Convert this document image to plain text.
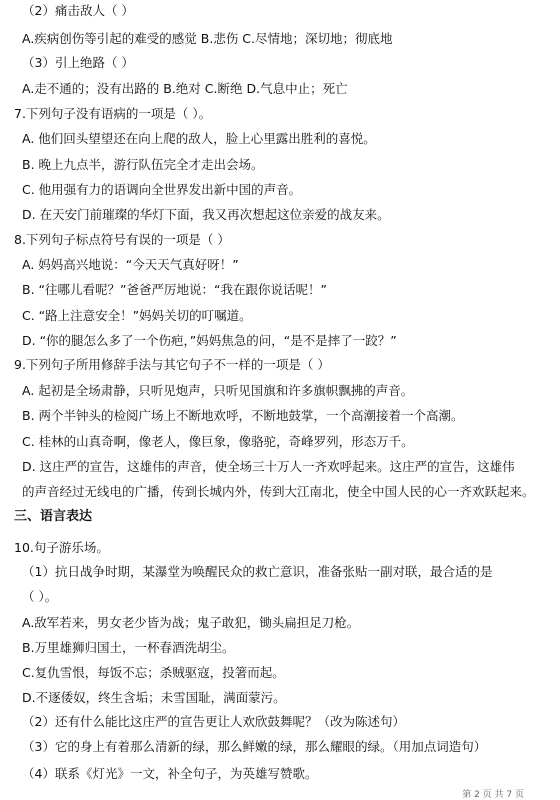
（2）痛击敌人（ ）
A.疾病创伤等引起的难受的感觉 B.悲伤 C.尽情地；深切地；彻底地
（3）引上绝路（ ）
A.走不通的；没有出路的 B.绝对 C.断绝 D.气息中止；死亡
7.下列句子没有语病的一项是（ ）。
A. 他们回头望望还在向上爬的敌人，脸上心里露出胜利的喜悦。
B. 晚上九点半，游行队伍完全才走出会场。
C. 他用强有力的语调向全世界发出新中国的声音。
D. 在天安门前璀璨的华灯下面，我又再次想起这位亲爱的战友来。
8.下列句子标点符号有误的一项是（ ）
A. 妈妈高兴地说：“今天天气真好呀！”
B. “往哪儿看呢？”爸爸严厉地说：“我在跟你说话呢！”
C. “路上注意安全！”妈妈关切的叮嘱道。
D. “你的腿怎么多了一个伤疤，”妈妈焦急的问，“是不是摔了一跤？”
9.下列句子所用修辞手法与其它句子不一样的一项是（ ）
A. 起初是全场肃静，只听见炮声，只听见国旗和许多旗帜飘拂的声音。
B. 两个半钟头的检阅广场上不断地欢呼，不断地鼓掌，一个高潮接着一个高潮。
C. 桂林的山真奇啊，像老人，像巨象，像骆驼，奇峰罗列，形态万千。
D. 这庄严的宣告，这雄伟的声音，使全场三十万人一齐欢呼起来。这庄严的宣告，这雄伟
的声音经过无线电的广播，传到长城内外，传到大江南北，使全中国人民的心一齐欢跃起来。
三、语言表达
10.句子游乐场。
（1）抗日战争时期，某瀑堂为唤醒民众的救亡意识，准备张贴一副对联，最合适的是
（ ）。
A.敌军若来，男女老少皆为战；鬼子敢犯，锄头扁担足刀枪。
B.万里雄狮归国土，一杯春酒洗胡尘。
C.复仇雪恨，每饭不忘；杀贼驱寇，投箸而起。
D.不逐倭奴，终生含垢；未雪国耻，满面蒙污。
（2）还有什么能比这庄严的宣告更让人欢欣鼓舞呢？（改为陈述句）
（3）它的身上有着那么清新的绿，那么鲜嫩的绿，那么耀眼的绿。（用加点词造句）
（4）联系《灯光》一文，补全句子，为英雄写赞歌。
第 2 页 共 7 页
